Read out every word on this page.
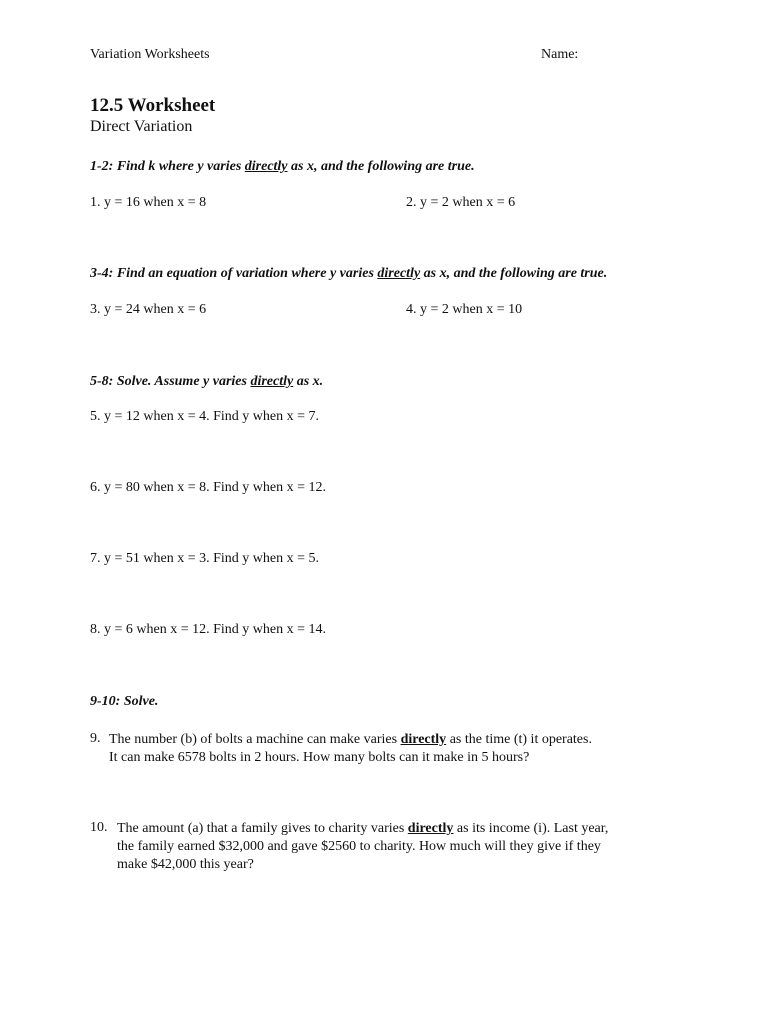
Variation Worksheets	Name:
12.5 Worksheet
Direct Variation
1-2: Find k where y varies directly as x, and the following are true.
1. y = 16 when x = 8	2. y = 2 when x = 6
3-4: Find an equation of variation where y varies directly as x, and the following are true.
3. y = 24 when x = 6	4. y = 2 when x = 10
5-8: Solve. Assume y varies directly as x.
5. y = 12 when x = 4. Find y when x = 7.
6. y = 80 when x = 8. Find y when x = 12.
7. y = 51 when x = 3. Find y when x = 5.
8. y = 6 when x = 12. Find y when x = 14.
9-10: Solve.
9. The number (b) of bolts a machine can make varies directly as the time (t) it operates.
It can make 6578 bolts in 2 hours. How many bolts can it make in 5 hours?
10. The amount (a) that a family gives to charity varies directly as its income (i). Last year,
the family earned $32,000 and gave $2560 to charity. How much will they give if they
make $42,000 this year?
